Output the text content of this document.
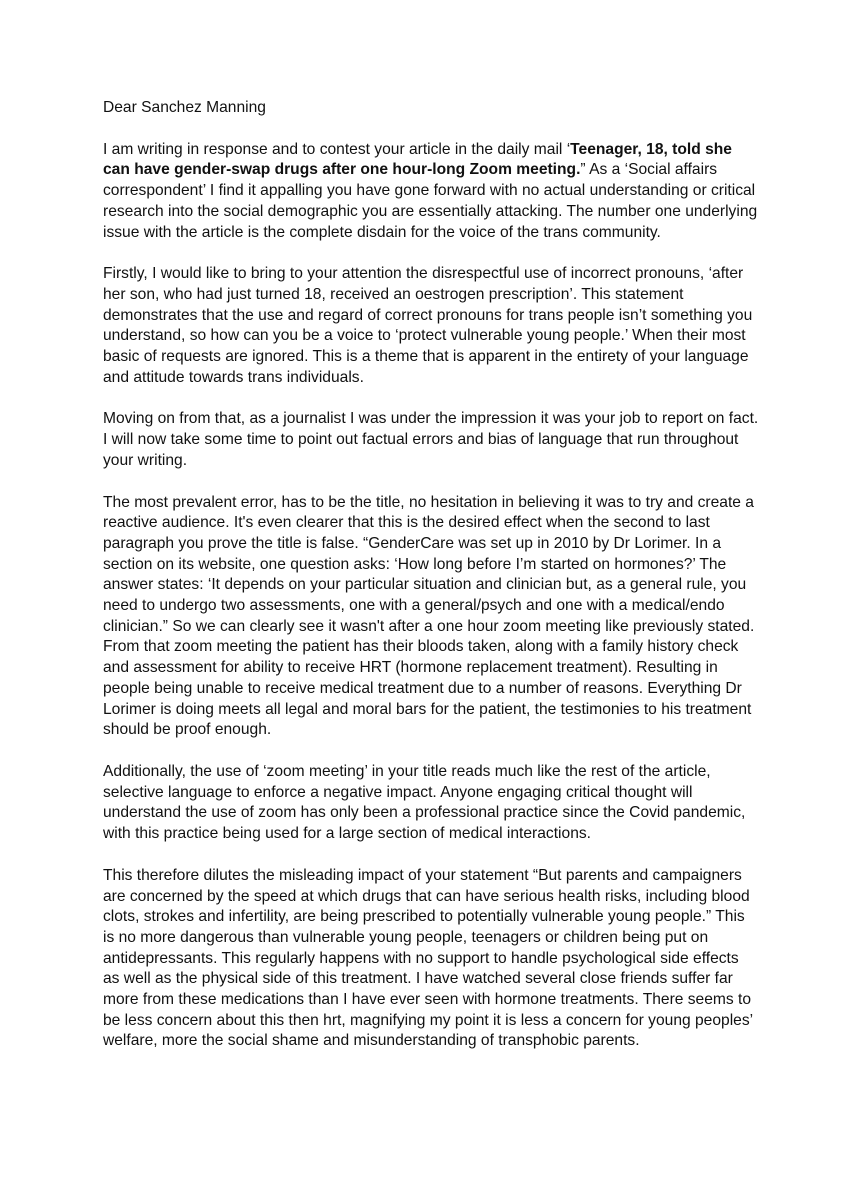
Dear Sanchez Manning

I am writing in response and to contest your article in the daily mail ‘Teenager, 18, told she can have gender-swap drugs after one hour-long Zoom meeting.” As a ‘Social affairs correspondent’ I find it appalling you have gone forward with no actual understanding or critical research into the social demographic you are essentially attacking. The number one underlying issue with the article is the complete disdain for the voice of the trans community.

Firstly, I would like to bring to your attention the disrespectful use of incorrect pronouns, ‘after her son, who had just turned 18, received an oestrogen prescription’. This statement demonstrates that the use and regard of correct pronouns for trans people isn’t something you understand, so how can you be a voice to ‘protect vulnerable young people.’ When their most basic of requests are ignored. This is a theme that is apparent in the entirety of your language and attitude towards trans individuals.

Moving on from that, as a journalist I was under the impression it was your job to report on fact. I will now take some time to point out factual errors and bias of language that run throughout your writing.

The most prevalent error, has to be the title, no hesitation in believing it was to try and create a reactive audience. It's even clearer that this is the desired effect when the second to last paragraph you prove the title is false. “GenderCare was set up in 2010 by Dr Lorimer. In a section on its website, one question asks: ‘How long before I’m started on hormones?’ The answer states: ‘It depends on your particular situation and clinician but, as a general rule, you need to undergo two assessments, one with a general/psych and one with a medical/endo clinician.” So we can clearly see it wasn't after a one hour zoom meeting like previously stated. From that zoom meeting the patient has their bloods taken, along with a family history check and assessment for ability to receive HRT (hormone replacement treatment). Resulting in people being unable to receive medical treatment due to a number of reasons. Everything Dr Lorimer is doing meets all legal and moral bars for the patient, the testimonies to his treatment should be proof enough.

Additionally, the use of ‘zoom meeting’ in your title reads much like the rest of the article, selective language to enforce a negative impact. Anyone engaging critical thought will understand the use of zoom has only been a professional practice since the Covid pandemic, with this practice being used for a large section of medical interactions.

This therefore dilutes the misleading impact of your statement “But parents and campaigners are concerned by the speed at which drugs that can have serious health risks, including blood clots, strokes and infertility, are being prescribed to potentially vulnerable young people.” This is no more dangerous than vulnerable young people, teenagers or children being put on antidepressants. This regularly happens with no support to handle psychological side effects as well as the physical side of this treatment. I have watched several close friends suffer far more from these medications than I have ever seen with hormone treatments. There seems to be less concern about this then hrt, magnifying my point it is less a concern for young peoples’ welfare, more the social shame and misunderstanding of transphobic parents.
